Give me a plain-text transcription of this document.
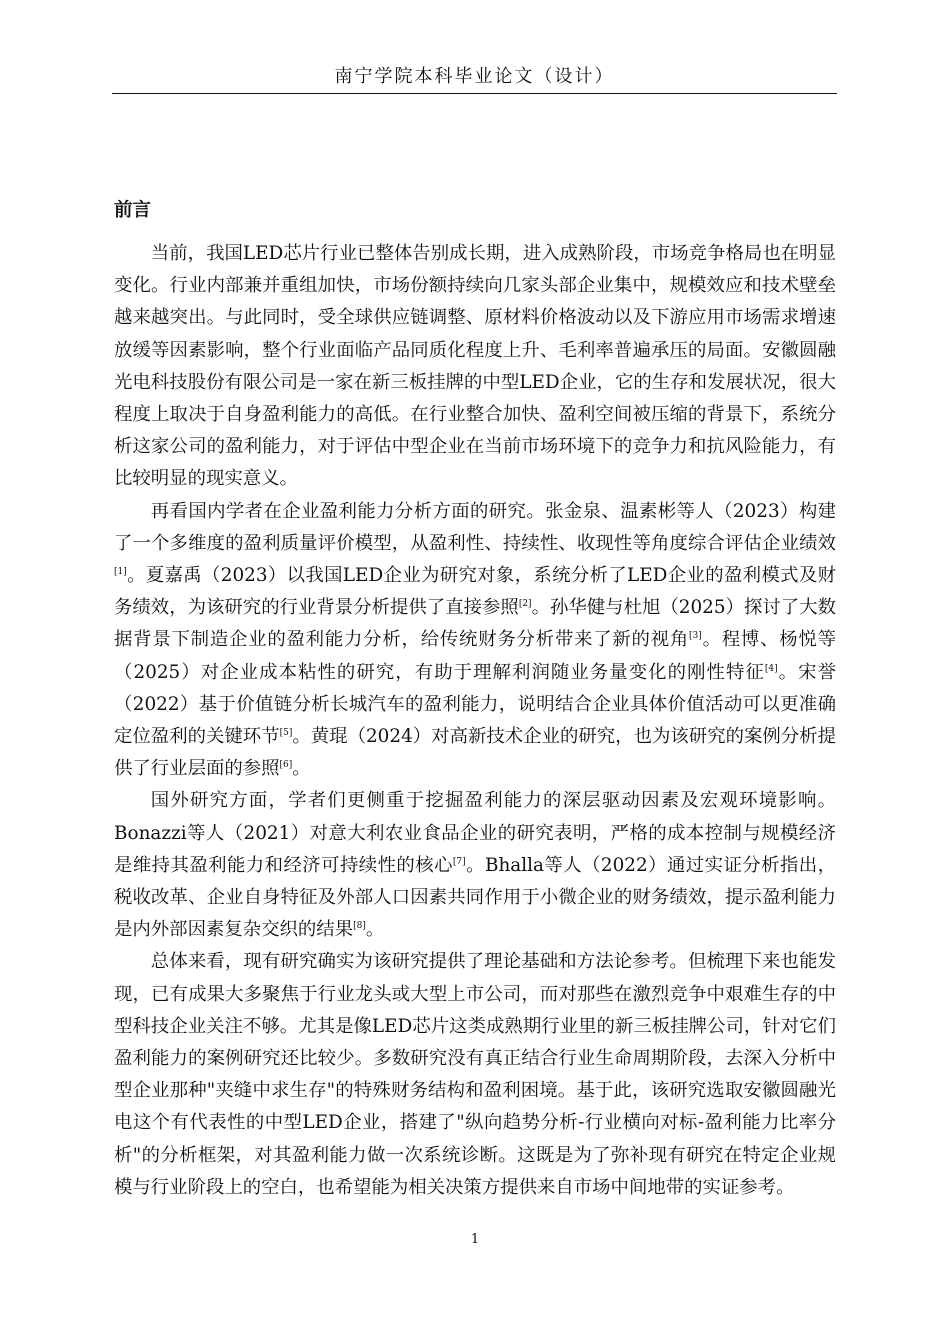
南宁学院本科毕业论文（设计）
前言

当前，我国LED芯片行业已整体告别成长期，进入成熟阶段，市场竞争格局也在明显变化。行业内部兼并重组加快，市场份额持续向几家头部企业集中，规模效应和技术壁垒越来越突出。与此同时，受全球供应链调整、原材料价格波动以及下游应用市场需求增速放缓等因素影响，整个行业面临产品同质化程度上升、毛利率普遍承压的局面。安徽圆融光电科技股份有限公司是一家在新三板挂牌的中型LED企业，它的生存和发展状况，很大程度上取决于自身盈利能力的高低。在行业整合加快、盈利空间被压缩的背景下，系统分析这家公司的盈利能力，对于评估中型企业在当前市场环境下的竞争力和抗风险能力，有比较明显的现实意义。

再看国内学者在企业盈利能力分析方面的研究。张金泉、温素彬等人（2023）构建了一个多维度的盈利质量评价模型，从盈利性、持续性、收现性等角度综合评估企业绩效[1]。夏嘉禹（2023）以我国LED企业为研究对象，系统分析了LED企业的盈利模式及财务绩效，为该研究的行业背景分析提供了直接参照[2]。孙华健与杜旭（2025）探讨了大数据背景下制造企业的盈利能力分析，给传统财务分析带来了新的视角[3]。程博、杨悦等（2025）对企业成本粘性的研究，有助于理解利润随业务量变化的刚性特征[4]。宋誉（2022）基于价值链分析长城汽车的盈利能力，说明结合企业具体价值活动可以更准确定位盈利的关键环节[5]。黄琨（2024）对高新技术企业的研究，也为该研究的案例分析提供了行业层面的参照[6]。

国外研究方面，学者们更侧重于挖掘盈利能力的深层驱动因素及宏观环境影响。Bonazzi等人（2021）对意大利农业食品企业的研究表明，严格的成本控制与规模经济是维持其盈利能力和经济可持续性的核心[7]。Bhalla等人（2022）通过实证分析指出，税收改革、企业自身特征及外部人口因素共同作用于小微企业的财务绩效，提示盈利能力是内外部因素复杂交织的结果[8]。

总体来看，现有研究确实为该研究提供了理论基础和方法论参考。但梳理下来也能发现，已有成果大多聚焦于行业龙头或大型上市公司，而对那些在激烈竞争中艰难生存的中型科技企业关注不够。尤其是像LED芯片这类成熟期行业里的新三板挂牌公司，针对它们盈利能力的案例研究还比较少。多数研究没有真正结合行业生命周期阶段，去深入分析中型企业那种"夹缝中求生存"的特殊财务结构和盈利困境。基于此，该研究选取安徽圆融光电这个有代表性的中型LED企业，搭建了"纵向趋势分析-行业横向对标-盈利能力比率分析"的分析框架，对其盈利能力做一次系统诊断。这既是为了弥补现有研究在特定企业规模与行业阶段上的空白，也希望能为相关决策方提供来自市场中间地带的实证参考。

1
